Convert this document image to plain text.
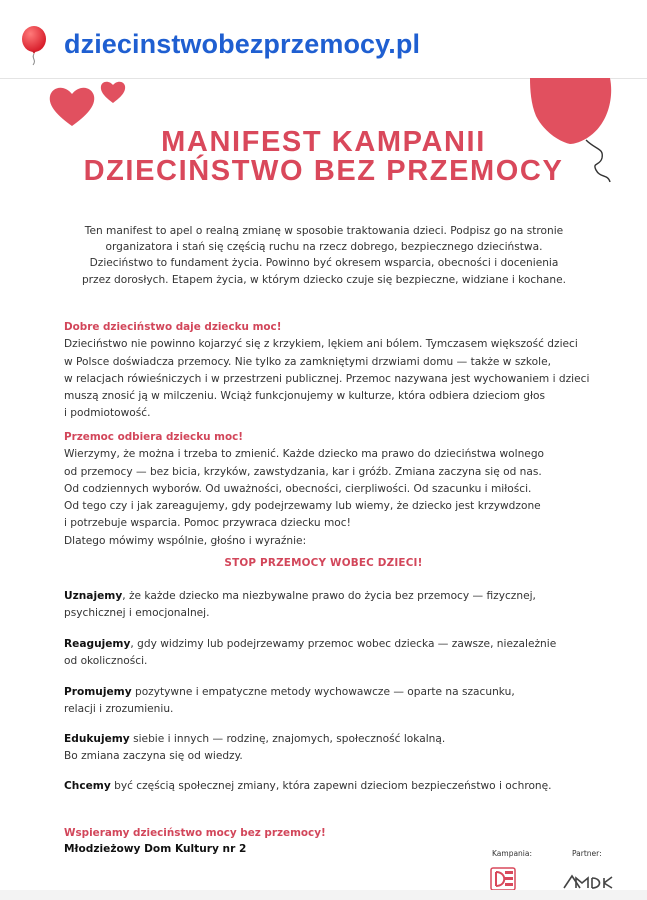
dziecinstwobezprzemocy.pl
MANIFEST KAMPANII
DZIECIŃSTWO BEZ PRZEMOCY
Ten manifest to apel o realną zmianę w sposobie traktowania dzieci. Podpisz go na stronie
organizatora i stań się częścią ruchu na rzecz dobrego, bezpiecznego dzieciństwa.
Dzieciństwo to fundament życia. Powinno być okresem wsparcia, obecności i docenienia
przez dorosłych. Etapem życia, w którym dziecko czuje się bezpieczne, widziane i kochane.
Dobre dzieciństwo daje dziecku moc!
Dzieciństwo nie powinno kojarzyć się z krzykiem, lękiem ani bólem. Tymczasem większość dzieci
w Polsce doświadcza przemocy. Nie tylko za zamkniętymi drzwiami domu — także w szkole,
w relacjach rówieśniczych i w przestrzeni publicznej. Przemoc nazywana jest wychowaniem i dzieci
muszą znosić ją w milczeniu. Wciąż funkcjonujemy w kulturze, która odbiera dzieciom głos
i podmiotowość.
Przemoc odbiera dziecku moc!
Wierzymy, że można i trzeba to zmienić. Każde dziecko ma prawo do dzieciństwa wolnego
od przemocy — bez bicia, krzyków, zawstydzania, kar i gróźb. Zmiana zaczyna się od nas.
Od codziennych wyborów. Od uważności, obecności, cierpliwości. Od szacunku i miłości.
Od tego czy i jak zareagujemy, gdy podejrzewamy lub wiemy, że dziecko jest krzywdzone
i potrzebuje wsparcia. Pomoc przywraca dziecku moc!
Dlatego mówimy wspólnie, głośno i wyraźnie:
STOP PRZEMOCY WOBEC DZIECI!
Uznajemy, że każde dziecko ma niezbywalne prawo do życia bez przemocy — fizycznej,
psychicznej i emocjonalnej.
Reagujemy, gdy widzimy lub podejrzewamy przemoc wobec dziecka — zawsze, niezależnie
od okoliczności.
Promujemy pozytywne i empatyczne metody wychowawcze — oparte na szacunku,
relacji i zrozumieniu.
Edukujemy siebie i innych — rodzinę, znajomych, społeczność lokalną.
Bo zmiana zaczyna się od wiedzy.
Chcemy być częścią społecznej zmiany, która zapewni dzieciom bezpieczeństwo i ochronę.
Wspieramy dzieciństwo mocy bez przemocy!
Młodzieżowy Dom Kultury nr 2	Kampania:	Partner:
